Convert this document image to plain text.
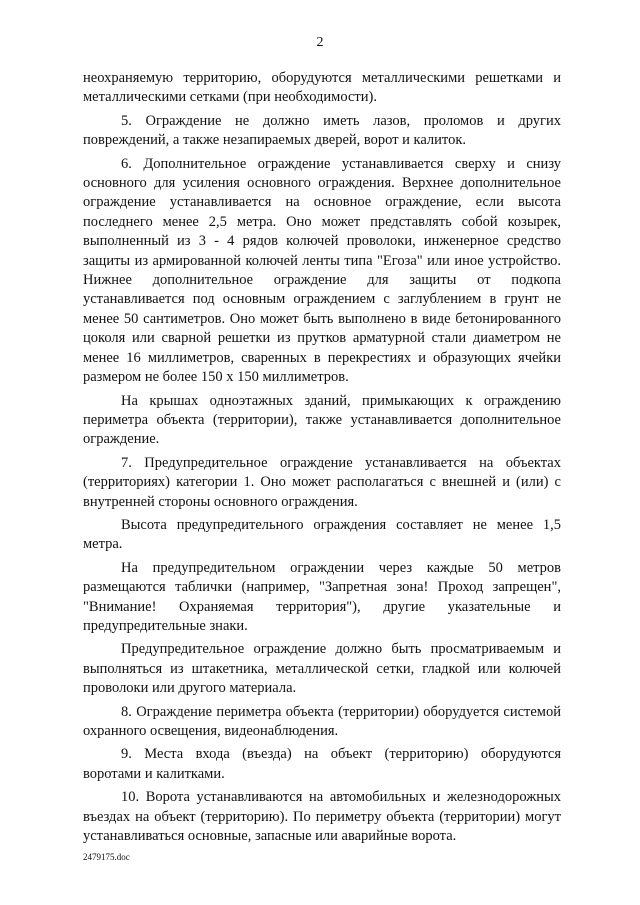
2

неохраняемую территорию, оборудуются металлическими решетками и металлическими сетками (при необходимости).

5. Ограждение не должно иметь лазов, проломов и других повреждений, а также незапираемых дверей, ворот и калиток.

6. Дополнительное ограждение устанавливается сверху и снизу основного для усиления основного ограждения. Верхнее дополнительное ограждение устанавливается на основное ограждение, если высота последнего менее 2,5 метра. Оно может представлять собой козырек, выполненный из 3 - 4 рядов колючей проволоки, инженерное средство защиты из армированной колючей ленты типа "Егоза" или иное устройство. Нижнее дополнительное ограждение для защиты от подкопа устанавливается под основным ограждением с заглублением в грунт не менее 50 сантиметров. Оно может быть выполнено в виде бетонированного цоколя или сварной решетки из прутков арматурной стали диаметром не менее 16 миллиметров, сваренных в перекрестиях и образующих ячейки размером не более 150 х 150 миллиметров.

На крышах одноэтажных зданий, примыкающих к ограждению периметра объекта (территории), также устанавливается дополнительное ограждение.

7. Предупредительное ограждение устанавливается на объектах (территориях) категории 1. Оно может располагаться с внешней и (или) с внутренней стороны основного ограждения.

Высота предупредительного ограждения составляет не менее 1,5 метра.

На предупредительном ограждении через каждые 50 метров размещаются таблички (например, "Запретная зона! Проход запрещен", "Внимание! Охраняемая территория"), другие указательные и предупредительные знаки.

Предупредительное ограждение должно быть просматриваемым и выполняться из штакетника, металлической сетки, гладкой или колючей проволоки или другого материала.

8. Ограждение периметра объекта (территории) оборудуется системой охранного освещения, видеонаблюдения.

9. Места входа (въезда) на объект (территорию) оборудуются воротами и калитками.

10. Ворота устанавливаются на автомобильных и железнодорожных въездах на объект (территорию). По периметру объекта (территории) могут устанавливаться основные, запасные или аварийные ворота.

2479175.doc
